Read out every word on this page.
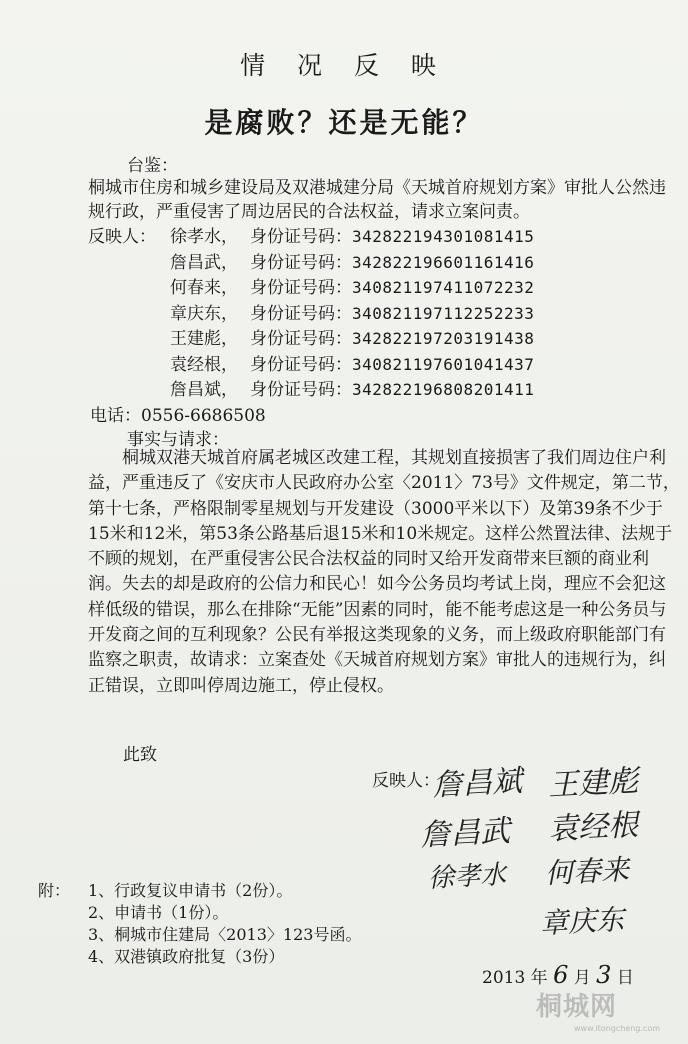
情 况 反 映
是腐败？还是无能？
台鉴：
桐城市住房和城乡建设局及双港城建分局《天城首府规划方案》审批人公然违规行政，严重侵害了周边居民的合法权益，请求立案问责。
反映人： 徐孝水， 身份证号码：342822194301081415
詹昌武， 身份证号码：342822196601161416
何春来， 身份证号码：340821197411072232
章庆东， 身份证号码：340821197112252233
王建彪， 身份证号码：342822197203191438
袁经根， 身份证号码：340821197601041437
詹昌斌， 身份证号码：342822196808201411
电话：0556-6686508
事实与请求：
桐城双港天城首府属老城区改建工程，其规划直接损害了我们周边住户利益，严重违反了《安庆市人民政府办公室〈2011〉73号》文件规定，第二节，第十七条，严格限制零星规划与开发建设（3000平米以下）及第39条不少于15米和12米，第53条公路基后退15米和10米规定。这样公然置法律、法规于不顾的规划，在严重侵害公民合法权益的同时又给开发商带来巨额的商业利润。失去的却是政府的公信力和民心！如今公务员均考试上岗，理应不会犯这样低级的错误，那么在排除“无能”因素的同时，能不能考虑这是一种公务员与开发商之间的互利现象？公民有举报这类现象的义务，而上级政府职能部门有监察之职责，故请求：立案查处《天城首府规划方案》审批人的违规行为，纠正错误，立即叫停周边施工，停止侵权。
此致
反映人：
詹昌斌 王建彪
詹昌武 袁经根
徐孝水 何春来
章庆东
附： 1、行政复议申请书（2份）。
2、申请书（1份）。
3、桐城市住建局〈2013〉123号函。
4、双港镇政府批复（3份）
2013 年 6 月 3 日
桐城网
www.itongcheng.com
